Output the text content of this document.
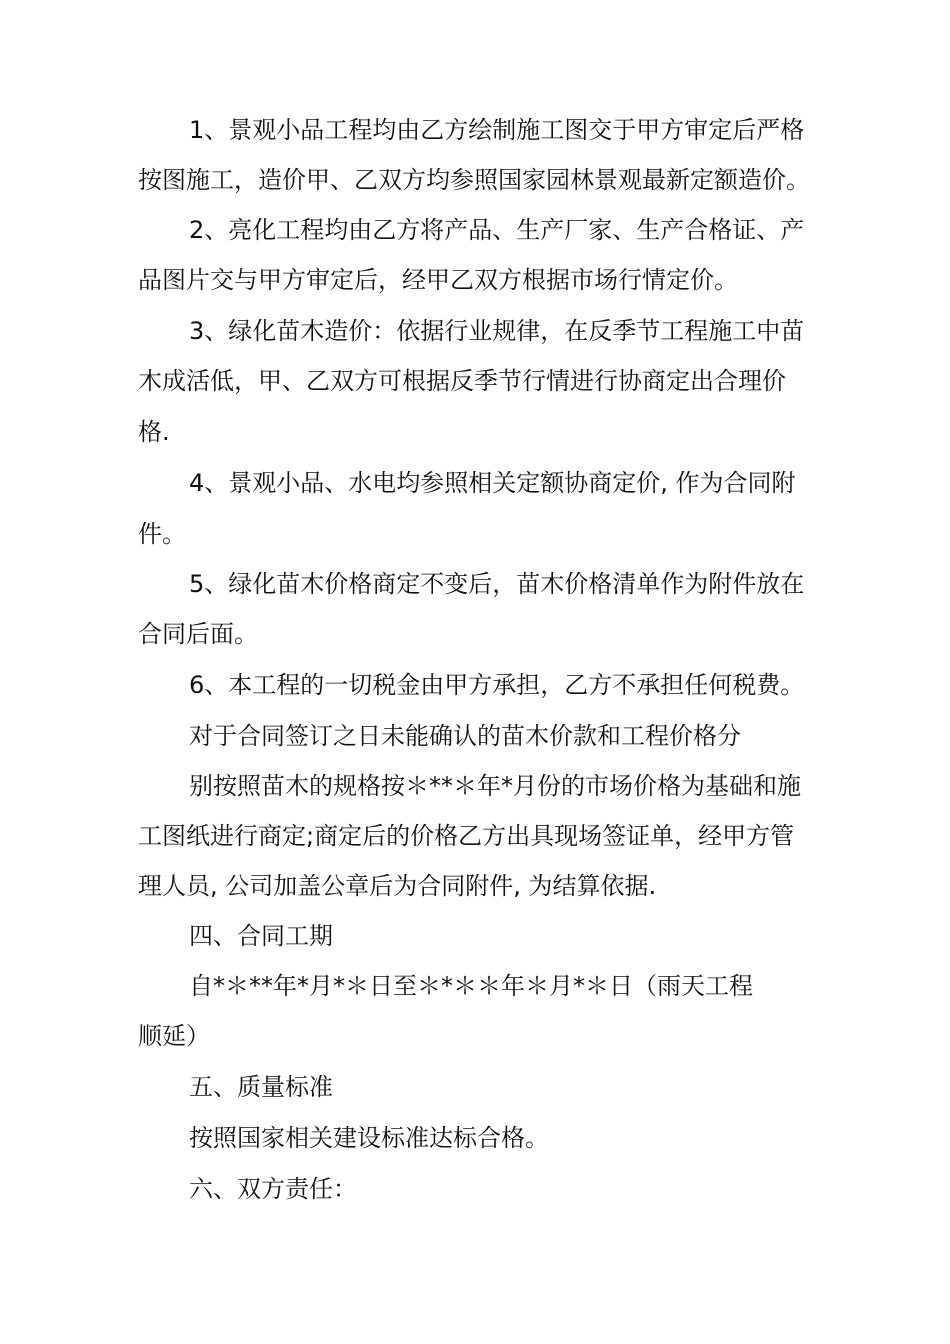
1、景观小品工程均由乙方绘制施工图交于甲方审定后严格
按图施工，造价甲、乙双方均参照国家园林景观最新定额造价。
2、亮化工程均由乙方将产品、生产厂家、生产合格证、产
品图片交与甲方审定后，经甲乙双方根据市场行情定价。
3、绿化苗木造价：依据行业规律，在反季节工程施工中苗
木成活低，甲、乙双方可根据反季节行情进行协商定出合理价
格.
4、景观小品、水电均参照相关定额协商定价, 作为合同附
件。
5、绿化苗木价格商定不变后，苗木价格清单作为附件放在
合同后面。
6、本工程的一切税金由甲方承担，乙方不承担任何税费。
对于合同签订之日未能确认的苗木价款和工程价格分
别按照苗木的规格按＊**＊年*月份的市场价格为基础和施
工图纸进行商定;商定后的价格乙方出具现场签证单，经甲方管
理人员, 公司加盖公章后为合同附件, 为结算依据.
四、合同工期
自*＊**年*月*＊日至＊*＊＊年＊月*＊日（雨天工程
顺延）
五、质量标准
按照国家相关建设标准达标合格。
六、双方责任：
